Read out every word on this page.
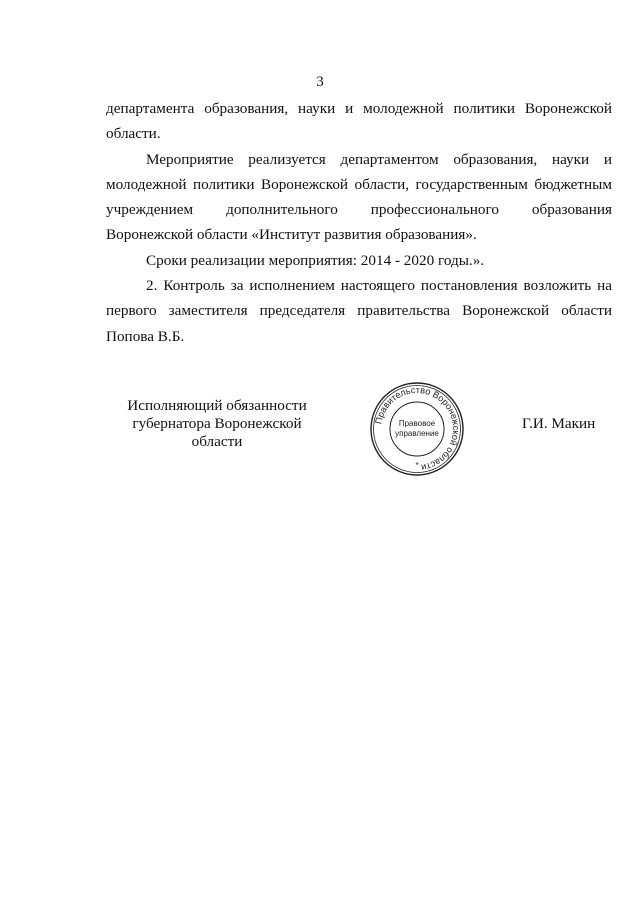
3

департамента образования, науки и молодежной политики Воронежской области.

Мероприятие реализуется департаментом образования, науки и молодежной политики Воронежской области, государственным бюджетным учреждением дополнительного профессионального образования Воронежской области «Институт развития образования».

Сроки реализации мероприятия: 2014 - 2020 годы.».

2. Контроль за исполнением настоящего постановления возложить на первого заместителя председателя правительства Воронежской области Попова В.Б.

Исполняющий обязанности
губернатора Воронежской области
Правительство Воронежской области
Правовое
управление
*
Г.И. Макин
